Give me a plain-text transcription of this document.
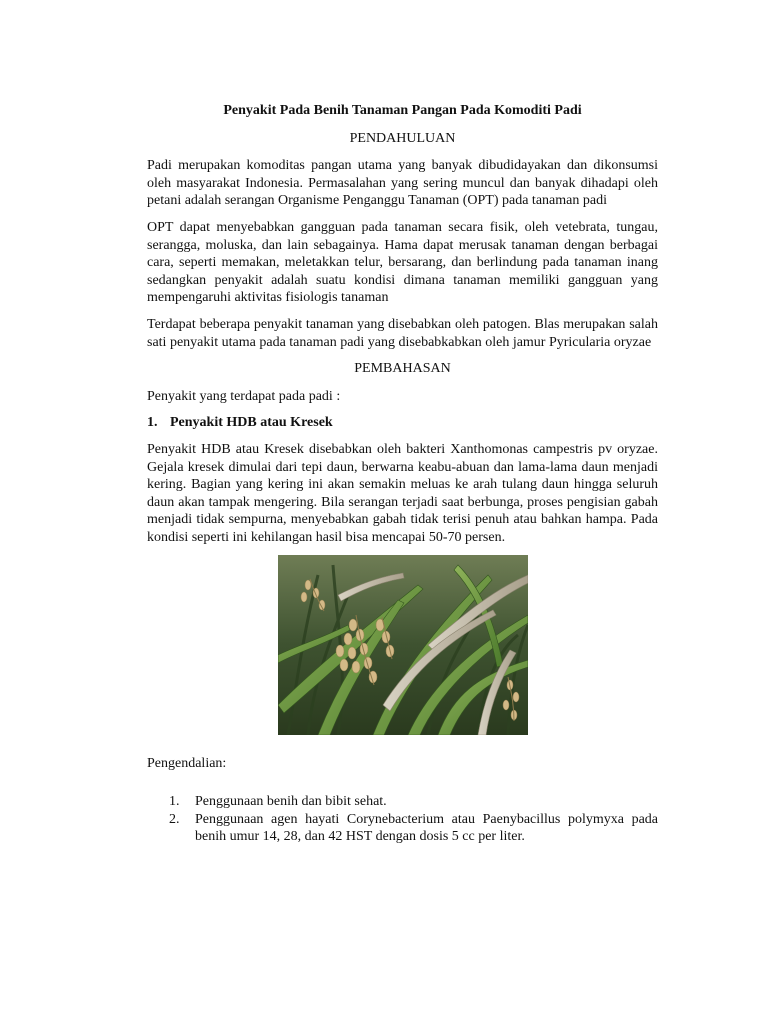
Penyakit Pada Benih Tanaman Pangan Pada Komoditi Padi
PENDAHULUAN

Padi merupakan komoditas pangan utama yang banyak dibudidayakan dan dikonsumsi oleh masyarakat Indonesia. Permasalahan yang sering muncul dan banyak dihadapi oleh petani adalah serangan Organisme Penganggu Tanaman (OPT) pada tanaman padi

OPT dapat menyebabkan gangguan pada tanaman secara fisik, oleh vetebrata, tungau, serangga, moluska, dan lain sebagainya. Hama dapat merusak tanaman dengan berbagai cara, seperti memakan, meletakkan telur, bersarang, dan berlindung pada tanaman inang sedangkan penyakit adalah suatu kondisi dimana tanaman memiliki gangguan yang mempengaruhi aktivitas fisiologis tanaman

Terdapat beberapa penyakit tanaman yang disebabkan oleh patogen. Blas merupakan salah sati penyakit utama pada tanaman padi yang disebabkabkan oleh jamur Pyricularia oryzae

PEMBAHASAN

Penyakit yang terdapat pada padi :

1. Penyakit HDB atau Kresek

Penyakit HDB atau Kresek disebabkan oleh bakteri Xanthomonas campestris pv oryzae. Gejala kresek dimulai dari tepi daun, berwarna keabu-abuan dan lama-lama daun menjadi kering. Bagian yang kering ini akan semakin meluas ke arah tulang daun hingga seluruh daun akan tampak mengering. Bila serangan terjadi saat berbunga, proses pengisian gabah menjadi tidak sempurna, menyebabkan gabah tidak terisi penuh atau bahkan hampa. Pada kondisi seperti ini kehilangan hasil bisa mencapai 50-70 persen.

Pengendalian:

1.	Penggunaan benih dan bibit sehat.
2.	Penggunaan agen hayati Corynebacterium atau Paenybacillus polymyxa pada benih umur 14, 28, dan 42 HST dengan dosis 5 cc per liter.
